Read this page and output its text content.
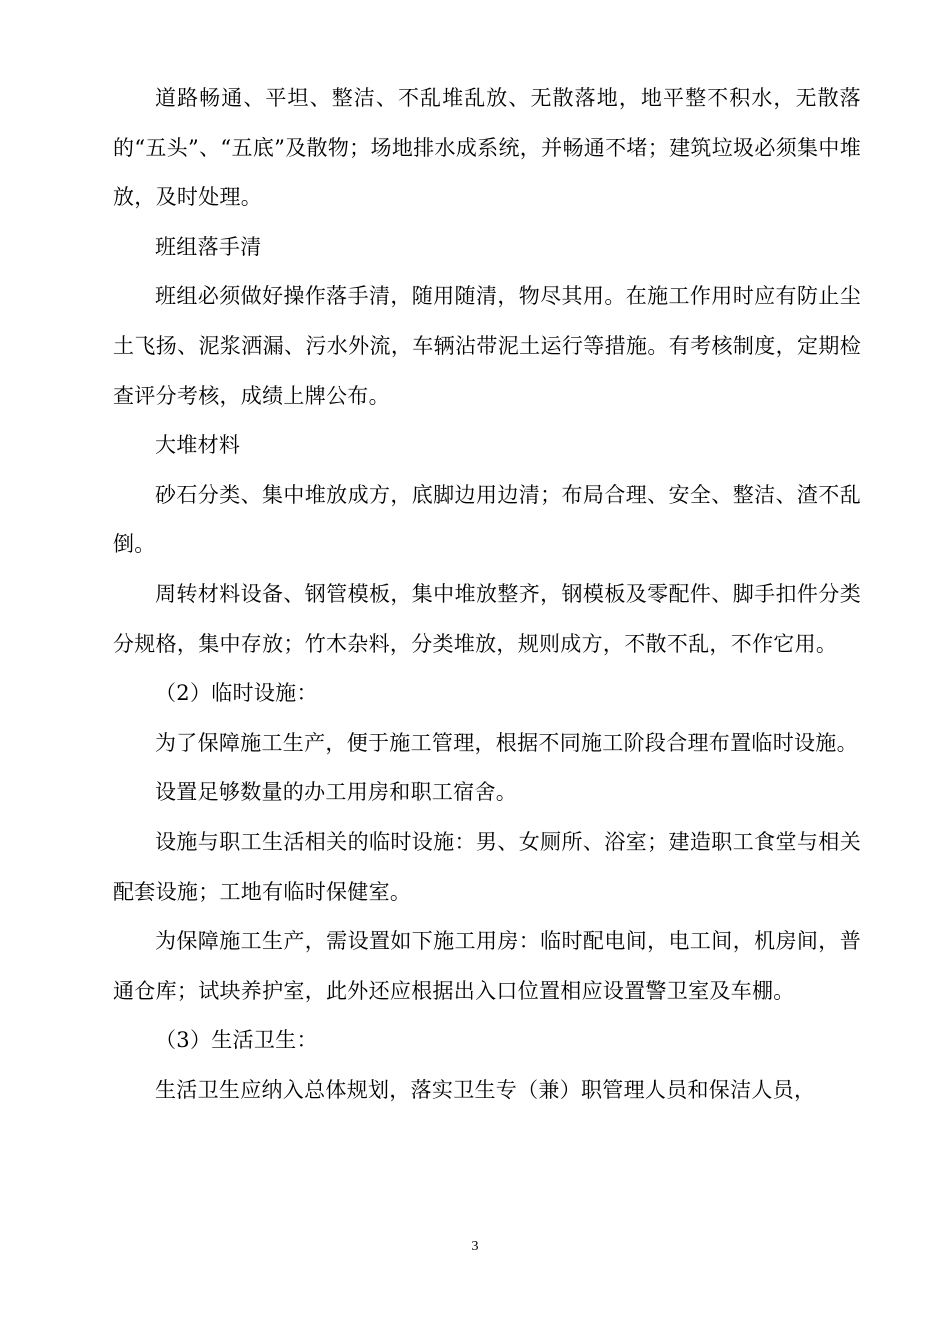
道路畅通、平坦、整洁、不乱堆乱放、无散落地，地平整不积水，无散落的“五头”、“五底”及散物；场地排水成系统，并畅通不堵；建筑垃圾必须集中堆放，及时处理。

班组落手清

班组必须做好操作落手清，随用随清，物尽其用。在施工作用时应有防止尘土飞扬、泥浆洒漏、污水外流，车辆沾带泥土运行等措施。有考核制度，定期检查评分考核，成绩上牌公布。

大堆材料

砂石分类、集中堆放成方，底脚边用边清；布局合理、安全、整洁、渣不乱倒。

周转材料设备、钢管模板，集中堆放整齐，钢模板及零配件、脚手扣件分类分规格，集中存放；竹木杂料，分类堆放，规则成方，不散不乱，不作它用。

（2）临时设施：

为了保障施工生产，便于施工管理，根据不同施工阶段合理布置临时设施。

设置足够数量的办工用房和职工宿舍。

设施与职工生活相关的临时设施：男、女厕所、浴室；建造职工食堂与相关配套设施；工地有临时保健室。

为保障施工生产，需设置如下施工用房：临时配电间，电工间，机房间，普通仓库；试块养护室，此外还应根据出入口位置相应设置警卫室及车棚。

（3）生活卫生：

生活卫生应纳入总体规划，落实卫生专（兼）职管理人员和保洁人员，

3
